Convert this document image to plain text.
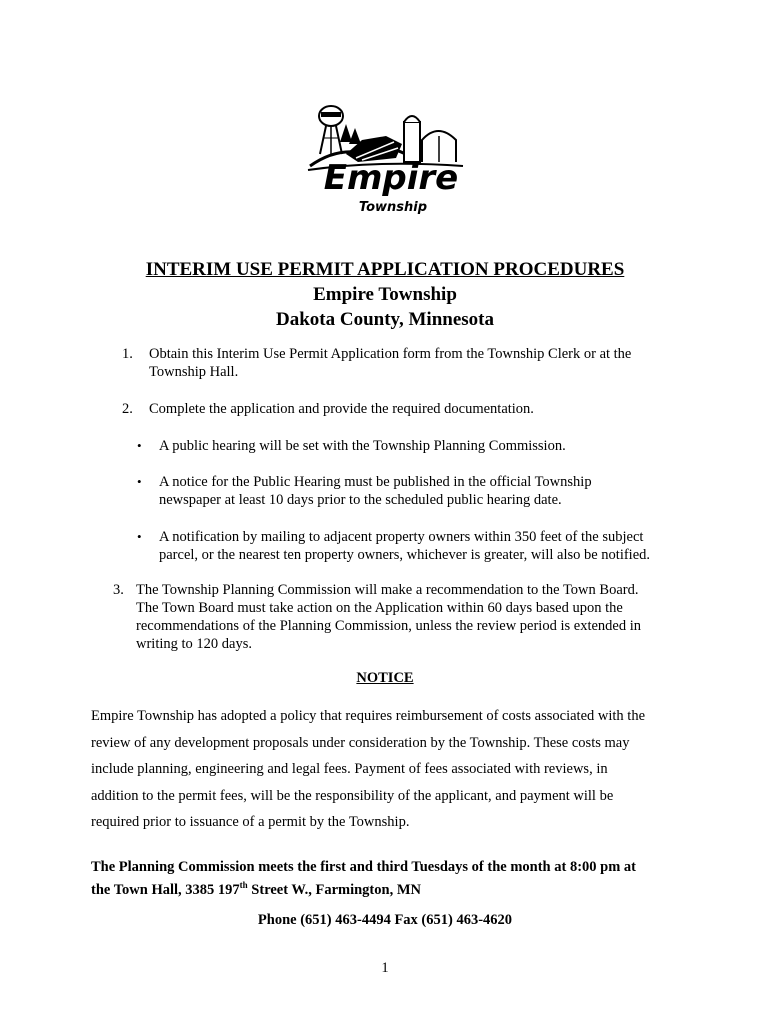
Empire
Township
INTERIM USE PERMIT APPLICATION PROCEDURES
Empire Township
Dakota County, Minnesota
1. Obtain this Interim Use Permit Application form from the Township Clerk or at the
Township Hall.
2. Complete the application and provide the required documentation.
• A public hearing will be set with the Township Planning Commission.
• A notice for the Public Hearing must be published in the official Township
newspaper at least 10 days prior to the scheduled public hearing date.
• A notification by mailing to adjacent property owners within 350 feet of the subject
parcel, or the nearest ten property owners, whichever is greater, will also be notified.
3. The Township Planning Commission will make a recommendation to the Town Board.
The Town Board must take action on the Application within 60 days based upon the
recommendations of the Planning Commission, unless the review period is extended in
writing to 120 days.
NOTICE
Empire Township has adopted a policy that requires reimbursement of costs associated with the
review of any development proposals under consideration by the Township. These costs may
include planning, engineering and legal fees. Payment of fees associated with reviews, in
addition to the permit fees, will be the responsibility of the applicant, and payment will be
required prior to issuance of a permit by the Township.
The Planning Commission meets the first and third Tuesdays of the month at 8:00 pm at
the Town Hall, 3385 197th Street W., Farmington, MN
Phone (651) 463-4494 Fax (651) 463-4620
1
